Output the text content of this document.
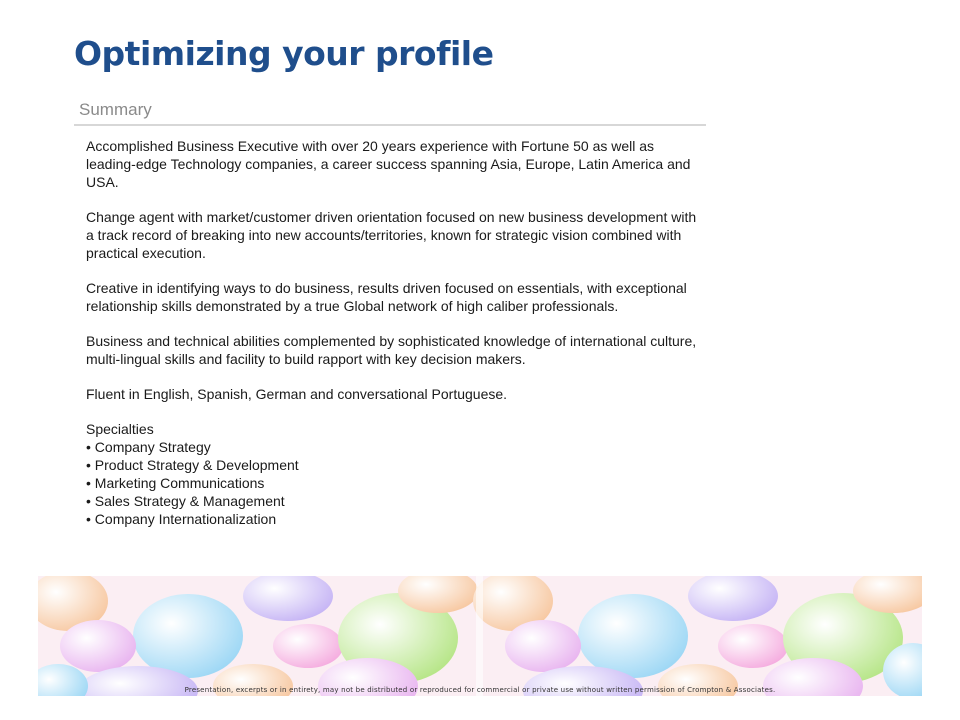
Optimizing your profile
Summary

Accomplished Business Executive with over 20 years experience with Fortune 50 as well as leading-edge Technology companies, a career success spanning Asia, Europe, Latin America and USA.

Change agent with market/customer driven orientation focused on new business development with a track record of breaking into new accounts/territories, known for strategic vision combined with practical execution.

Creative in identifying ways to do business, results driven focused on essentials, with exceptional relationship skills demonstrated by a true Global network of high caliber professionals.

Business and technical abilities complemented by sophisticated knowledge of international culture, multi-lingual skills and facility to build rapport with key decision makers.

Fluent in English, Spanish, German and conversational Portuguese.

Specialties
• Company Strategy
• Product Strategy & Development
• Marketing Communications
• Sales Strategy & Management
• Company Internationalization
Presentation, excerpts or in entirety, may not be distributed or reproduced for commercial or private use without written permission of Crompton & Associates.
